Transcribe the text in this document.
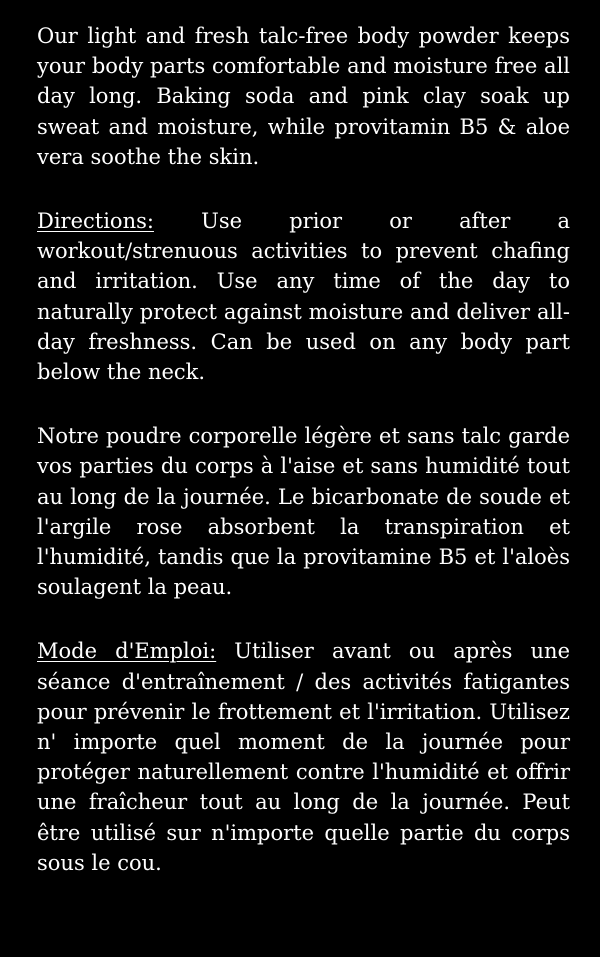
Our light and fresh talc-free body powder keeps your body parts comfortable and moisture free all day long. Baking soda and pink clay soak up sweat and moisture, while provitamin B5 & aloe vera soothe the skin.

Directions: Use prior or after a workout/strenuous activities to prevent chafing and irritation. Use any time of the day to naturally protect against moisture and deliver all-day freshness. Can be used on any body part below the neck.

Notre poudre corporelle légère et sans talc garde vos parties du corps à l'aise et sans humidité tout au long de la journée. Le bicarbonate de soude et l'argile rose absorbent la transpiration et l'humidité, tandis que la provitamine B5 et l'aloès soulagent la peau.

Mode d'Emploi: Utiliser avant ou après une séance d'entraînement / des activités fatigantes pour prévenir le frottement et l'irritation. Utilisez n' importe quel moment de la journée pour protéger naturellement contre l'humidité et offrir une fraîcheur tout au long de la journée. Peut être utilisé sur n'importe quelle partie du corps sous le cou.
